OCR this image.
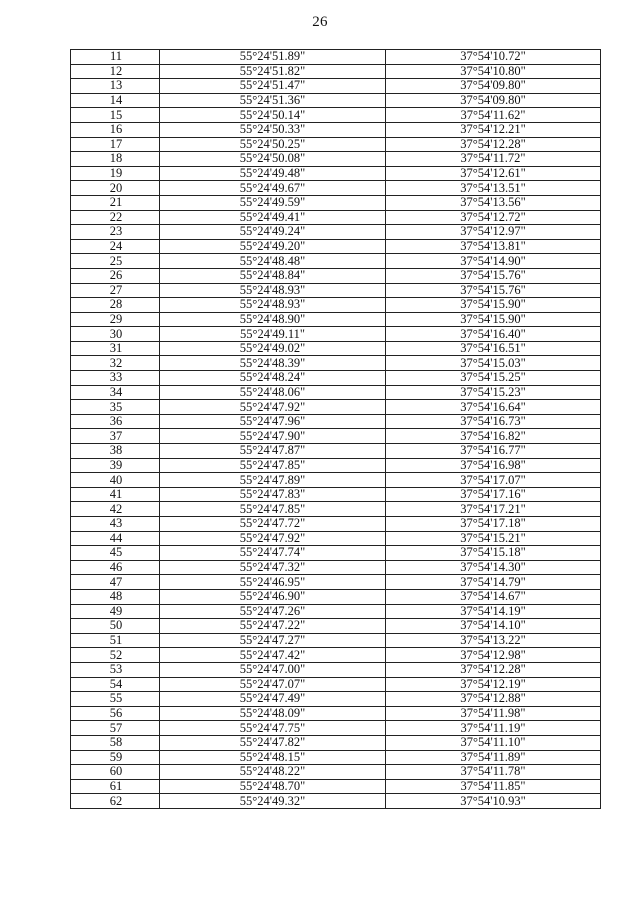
26
11	55°24'51.89"	37°54'10.72"
12	55°24'51.82"	37°54'10.80"
13	55°24'51.47"	37°54'09.80"
14	55°24'51.36"	37°54'09.80"
15	55°24'50.14"	37°54'11.62"
16	55°24'50.33"	37°54'12.21"
17	55°24'50.25"	37°54'12.28"
18	55°24'50.08"	37°54'11.72"
19	55°24'49.48"	37°54'12.61"
20	55°24'49.67"	37°54'13.51"
21	55°24'49.59"	37°54'13.56"
22	55°24'49.41"	37°54'12.72"
23	55°24'49.24"	37°54'12.97"
24	55°24'49.20"	37°54'13.81"
25	55°24'48.48"	37°54'14.90"
26	55°24'48.84"	37°54'15.76"
27	55°24'48.93"	37°54'15.76"
28	55°24'48.93"	37°54'15.90"
29	55°24'48.90"	37°54'15.90"
30	55°24'49.11"	37°54'16.40"
31	55°24'49.02"	37°54'16.51"
32	55°24'48.39"	37°54'15.03"
33	55°24'48.24"	37°54'15.25"
34	55°24'48.06"	37°54'15.23"
35	55°24'47.92"	37°54'16.64"
36	55°24'47.96"	37°54'16.73"
37	55°24'47.90"	37°54'16.82"
38	55°24'47.87"	37°54'16.77"
39	55°24'47.85"	37°54'16.98"
40	55°24'47.89"	37°54'17.07"
41	55°24'47.83"	37°54'17.16"
42	55°24'47.85"	37°54'17.21"
43	55°24'47.72"	37°54'17.18"
44	55°24'47.92"	37°54'15.21"
45	55°24'47.74"	37°54'15.18"
46	55°24'47.32"	37°54'14.30"
47	55°24'46.95"	37°54'14.79"
48	55°24'46.90"	37°54'14.67"
49	55°24'47.26"	37°54'14.19"
50	55°24'47.22"	37°54'14.10"
51	55°24'47.27"	37°54'13.22"
52	55°24'47.42"	37°54'12.98"
53	55°24'47.00"	37°54'12.28"
54	55°24'47.07"	37°54'12.19"
55	55°24'47.49"	37°54'12.88"
56	55°24'48.09"	37°54'11.98"
57	55°24'47.75"	37°54'11.19"
58	55°24'47.82"	37°54'11.10"
59	55°24'48.15"	37°54'11.89"
60	55°24'48.22"	37°54'11.78"
61	55°24'48.70"	37°54'11.85"
62	55°24'49.32"	37°54'10.93"
